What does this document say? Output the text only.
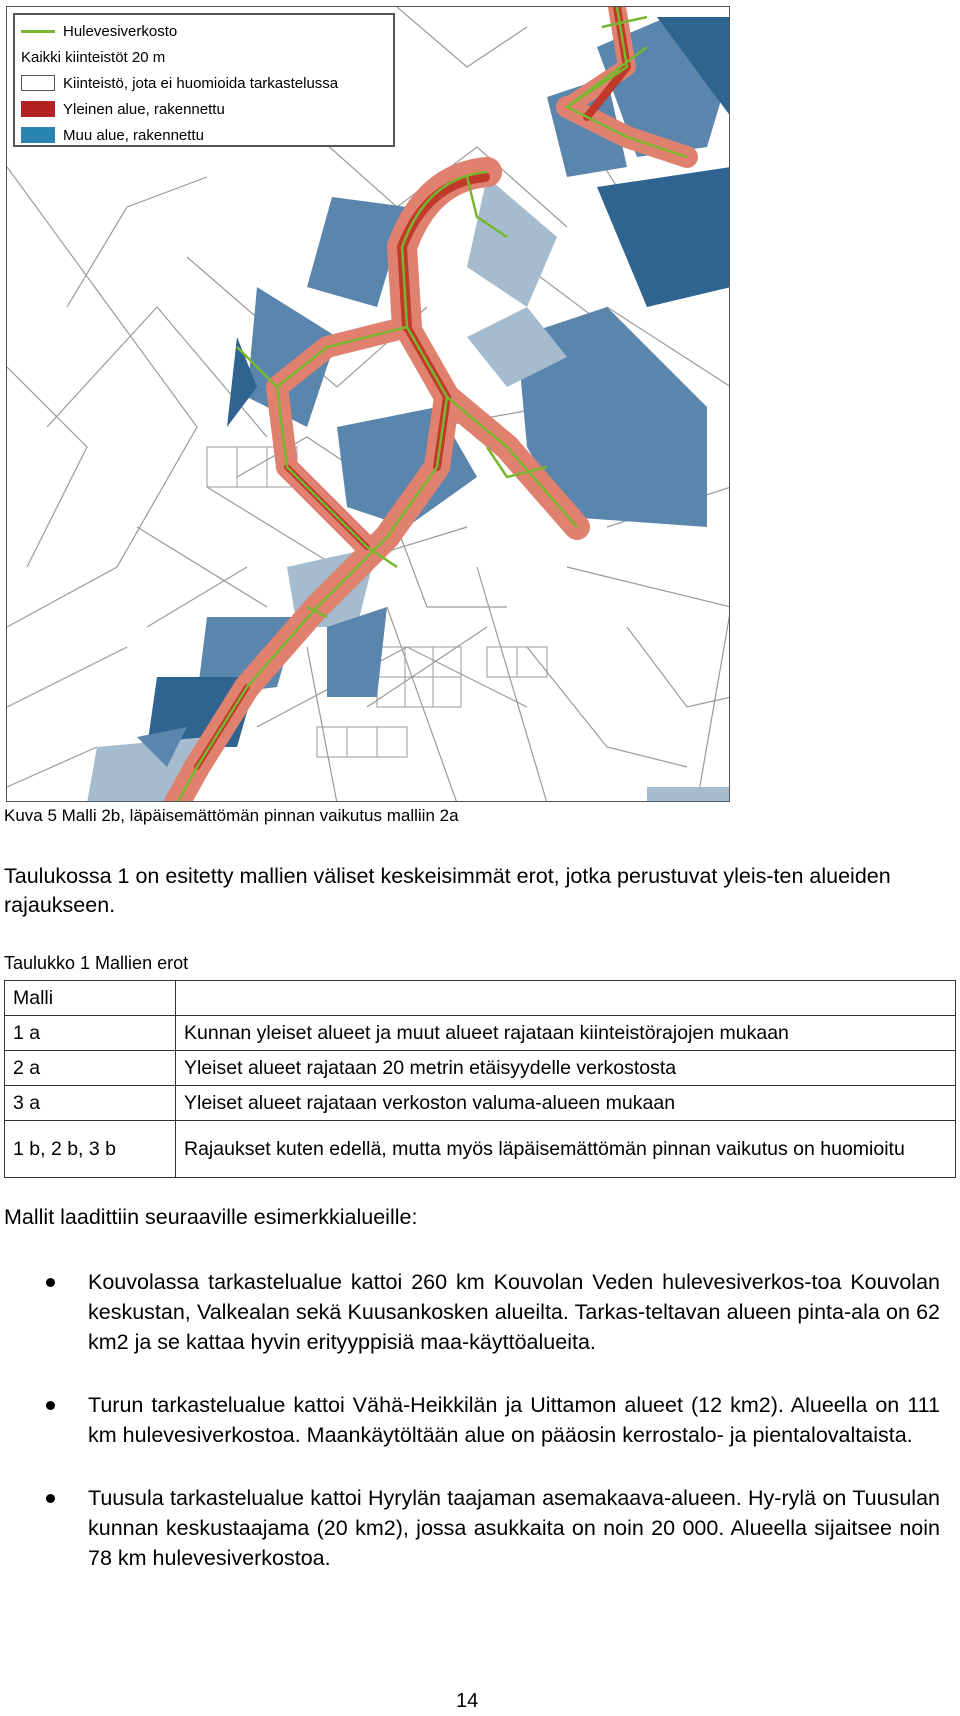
Hulevesiverkosto
Kaikki kiinteistöt 20 m
Kiinteistö, jota ei huomioida tarkastelussa
Yleinen alue, rakennettu
Muu alue, rakennettu
Kuva 5 Malli 2b, läpäisemättömän pinnan vaikutus malliin 2a
Taulukossa 1 on esitetty mallien väliset keskeisimmät erot, jotka perustuvat yleis-ten alueiden rajaukseen.
Taulukko 1 Mallien erot
Malli	
1 a	Kunnan yleiset alueet ja muut alueet rajataan kiinteistörajojen mukaan
2 a	Yleiset alueet rajataan 20 metrin etäisyydelle verkostosta
3 a	Yleiset alueet rajataan verkoston valuma-alueen mukaan
1 b, 2 b, 3 b	Rajaukset kuten edellä, mutta myös läpäisemättömän pinnan vaikutus on huomioitu
Mallit laadittiin seuraaville esimerkkialueille:
Kouvolassa tarkastelualue kattoi 260 km Kouvolan Veden hulevesiverkos-toa Kouvolan keskustan, Valkealan sekä Kuusankosken alueilta. Tarkas-teltavan alueen pinta-ala on 62 km2 ja se kattaa hyvin erityyppisiä maa-käyttöalueita.
Turun tarkastelualue kattoi Vähä-Heikkilän ja Uittamon alueet (12 km2). Alueella on 111 km hulevesiverkostoa. Maankäytöltään alue on pääosin kerrostalo- ja pientalovaltaista.
Tuusula tarkastelualue kattoi Hyrylän taajaman asemakaava-alueen. Hy-rylä on Tuusulan kunnan keskustaajama (20 km2), jossa asukkaita on noin 20 000. Alueella sijaitsee noin 78 km hulevesiverkostoa.
14
